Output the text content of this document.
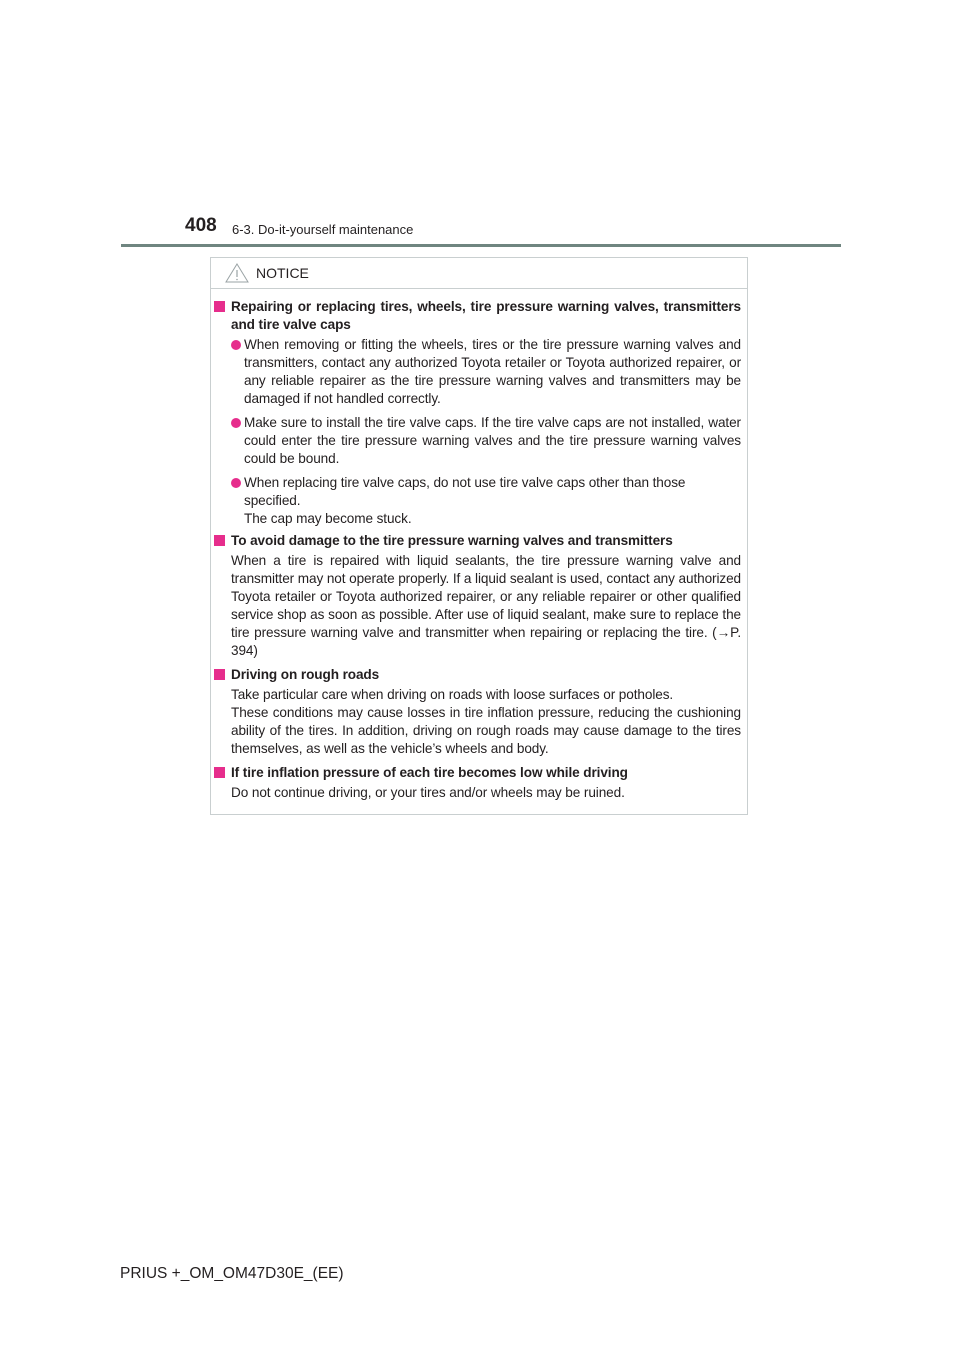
408 6-3. Do-it-yourself maintenance
NOTICE
Repairing or replacing tires, wheels, tire pressure warning valves, transmitters and tire valve caps
When removing or fitting the wheels, tires or the tire pressure warning valves and transmitters, contact any authorized Toyota retailer or Toyota authorized repairer, or any reliable repairer as the tire pressure warning valves and transmitters may be damaged if not handled correctly.
Make sure to install the tire valve caps. If the tire valve caps are not installed, water could enter the tire pressure warning valves and the tire pressure warning valves could be bound.
When replacing tire valve caps, do not use tire valve caps other than those specified.
The cap may become stuck.
To avoid damage to the tire pressure warning valves and transmitters
When a tire is repaired with liquid sealants, the tire pressure warning valve and transmitter may not operate properly. If a liquid sealant is used, contact any authorized Toyota retailer or Toyota authorized repairer, or any reliable repairer or other qualified service shop as soon as possible. After use of liquid sealant, make sure to replace the tire pressure warning valve and transmitter when repairing or replacing the tire. (→P. 394)
Driving on rough roads
Take particular care when driving on roads with loose surfaces or potholes.
These conditions may cause losses in tire inflation pressure, reducing the cushioning ability of the tires. In addition, driving on rough roads may cause damage to the tires themselves, as well as the vehicle’s wheels and body.
If tire inflation pressure of each tire becomes low while driving
Do not continue driving, or your tires and/or wheels may be ruined.
PRIUS +_OM_OM47D30E_(EE)
